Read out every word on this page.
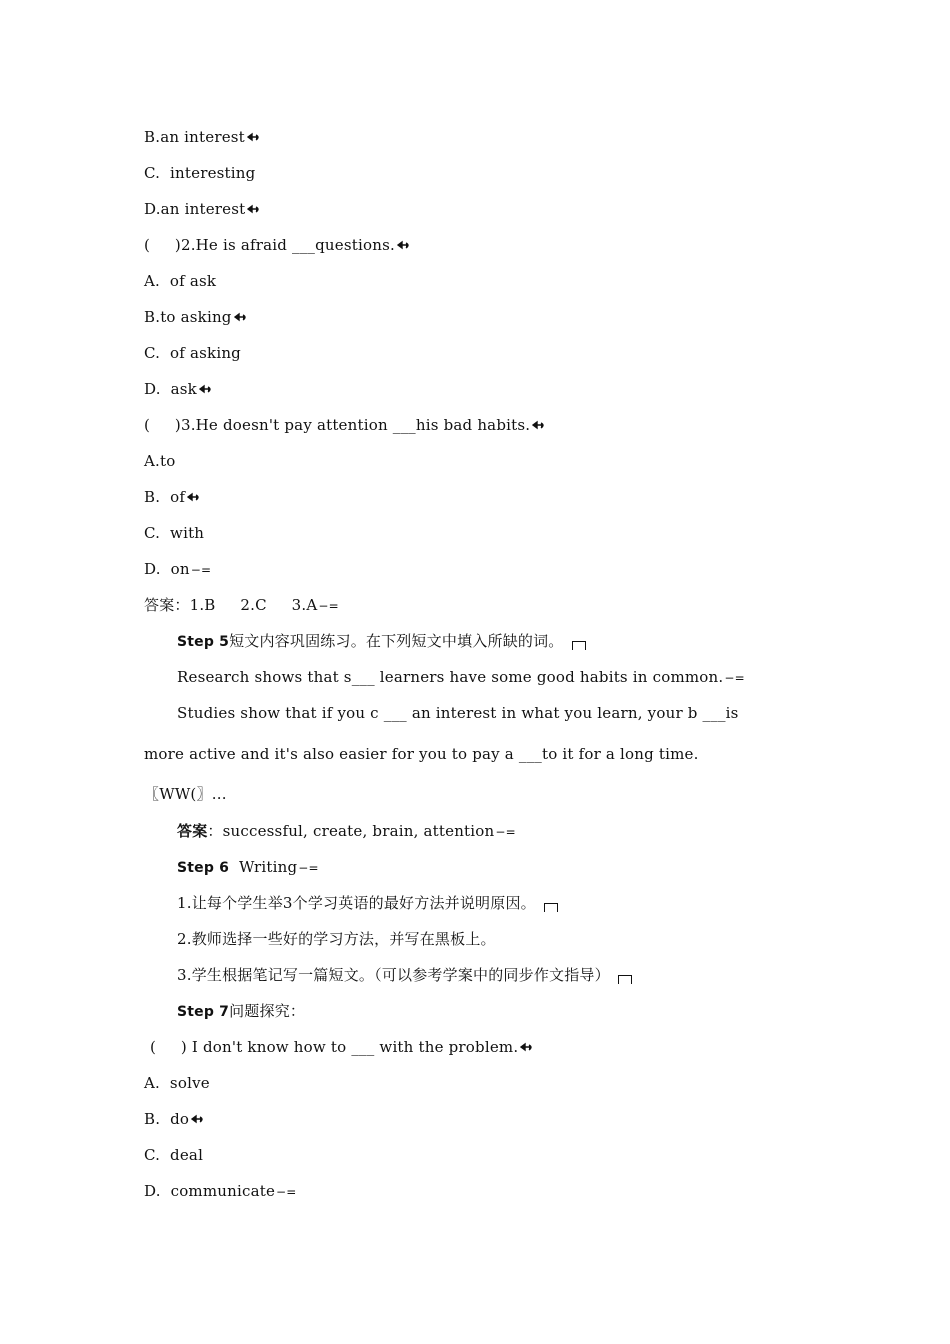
B.an interest
C.  interesting
D.an interest
(     )2.He is afraid ___questions.
A.  of ask
B.to asking
C.  of asking
D.  ask
(     )3.He doesn't pay attention ___his bad habits.
A.to
B.  of
C.  with
D.  on−=
答案：1.B     2.C     3.A−=
Step 5短文内容巩固练习。在下列短文中填入所缺的词。
Research shows that s___ learners have some good habits in common.−=
Studies show that if you c ___ an interest in what you learn, your b ___is
more active and it's also easier for you to pay a ___to it for a long time.
〖WW(〗…
答案：successful, create, brain, attention−=
Step 6  Writing−=
1.让每个学生举3个学习英语的最好方法并说明原因。
2.教师选择一些好的学习方法，并写在黑板上。
3.学生根据笔记写一篇短文。（可以参考学案中的同步作文指导）
Step 7问题探究：
(     ) I don't know how to ___ with the problem.
A.  solve
B.  do
C.  deal
D.  communicate−=
